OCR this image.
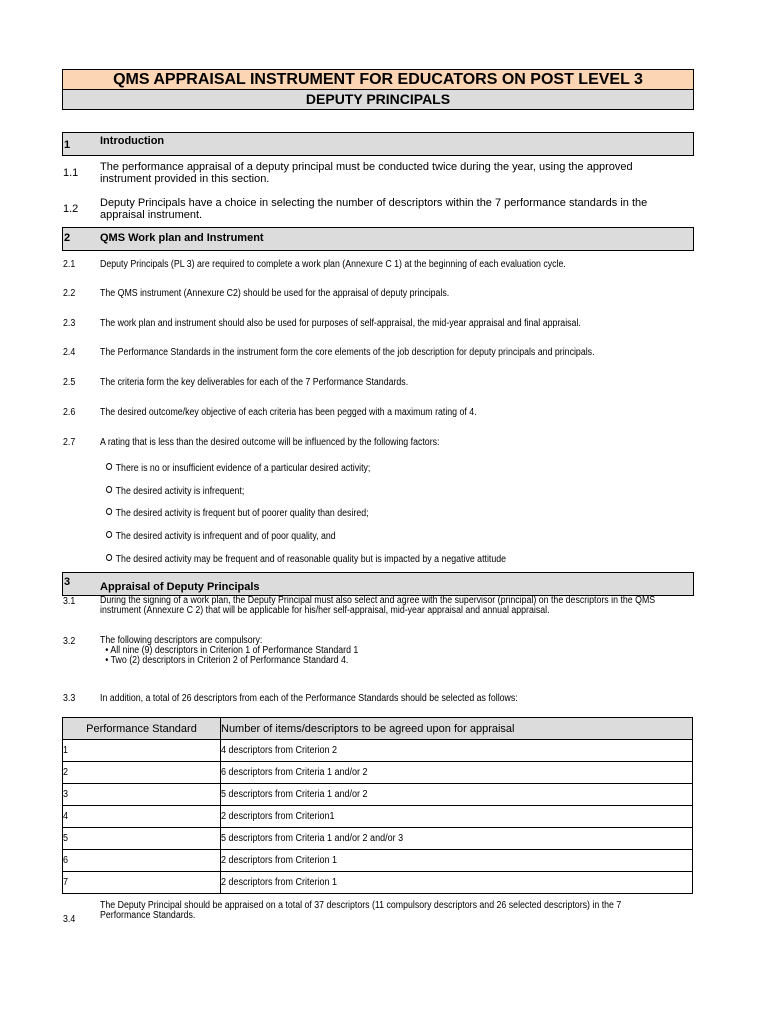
QMS APPRAISAL INSTRUMENT FOR EDUCATORS ON POST LEVEL 3
DEPUTY PRINCIPALS
1	Introduction
1.1 The performance appraisal of a deputy principal must be conducted twice during the year, using the approved instrument provided in this section.
1.2 Deputy Principals have a choice in selecting the number of descriptors within the 7 performance standards in the appraisal instrument.
2	QMS Work plan and Instrument
2.1 Deputy Principals (PL 3) are required to complete a work plan (Annexure C 1) at the beginning of each evaluation cycle.
2.2 The QMS instrument (Annexure C2) should be used for the appraisal of deputy principals.
2.3 The work plan and instrument should also be used for purposes of self-appraisal, the mid-year appraisal and final appraisal.
2.4 The Performance Standards in the instrument form the core elements of the job description for deputy principals and principals.
2.5 The criteria form the key deliverables for each of the 7 Performance Standards.
2.6 The desired outcome/key objective of each criteria has been pegged with a maximum rating of 4.
2.7 A rating that is less than the desired outcome will be influenced by the following factors:
There is no or insufficient evidence of a particular desired activity;
The desired activity is infrequent;
The desired activity is frequent but of poorer quality than desired;
The desired activity is infrequent and of poor quality, and
The desired activity may be frequent and of reasonable quality but is impacted by a negative attitude
3	Appraisal of Deputy Principals
3.1 During the signing of a work plan, the Deputy Principal must also select and agree with the supervisor (principal) on the descriptors in the QMS
instrument (Annexure C 2) that will be applicable for his/her self-appraisal, mid-year appraisal and annual appraisal.
3.2 The following descriptors are compulsory:
• All nine (9) descriptors in Criterion 1 of Performance Standard 1
• Two (2) descriptors in Criterion 2 of Performance Standard 4.
3.3 In addition, a total of 26 descriptors from each of the Performance Standards should be selected as follows:
Performance Standard	Number of items/descriptors to be agreed upon for appraisal
1	4 descriptors from Criterion 2
2	6 descriptors from Criteria 1 and/or 2
3	5 descriptors from Criteria 1 and/or 2
4	2 descriptors from Criterion1
5	5 descriptors from Criteria 1 and/or 2 and/or 3
6	2 descriptors from Criterion 1
7	2 descriptors from Criterion 1
3.4
The Deputy Principal should be appraised on a total of 37 descriptors (11 compulsory descriptors and 26 selected descriptors) in the 7
Performance Standards.
